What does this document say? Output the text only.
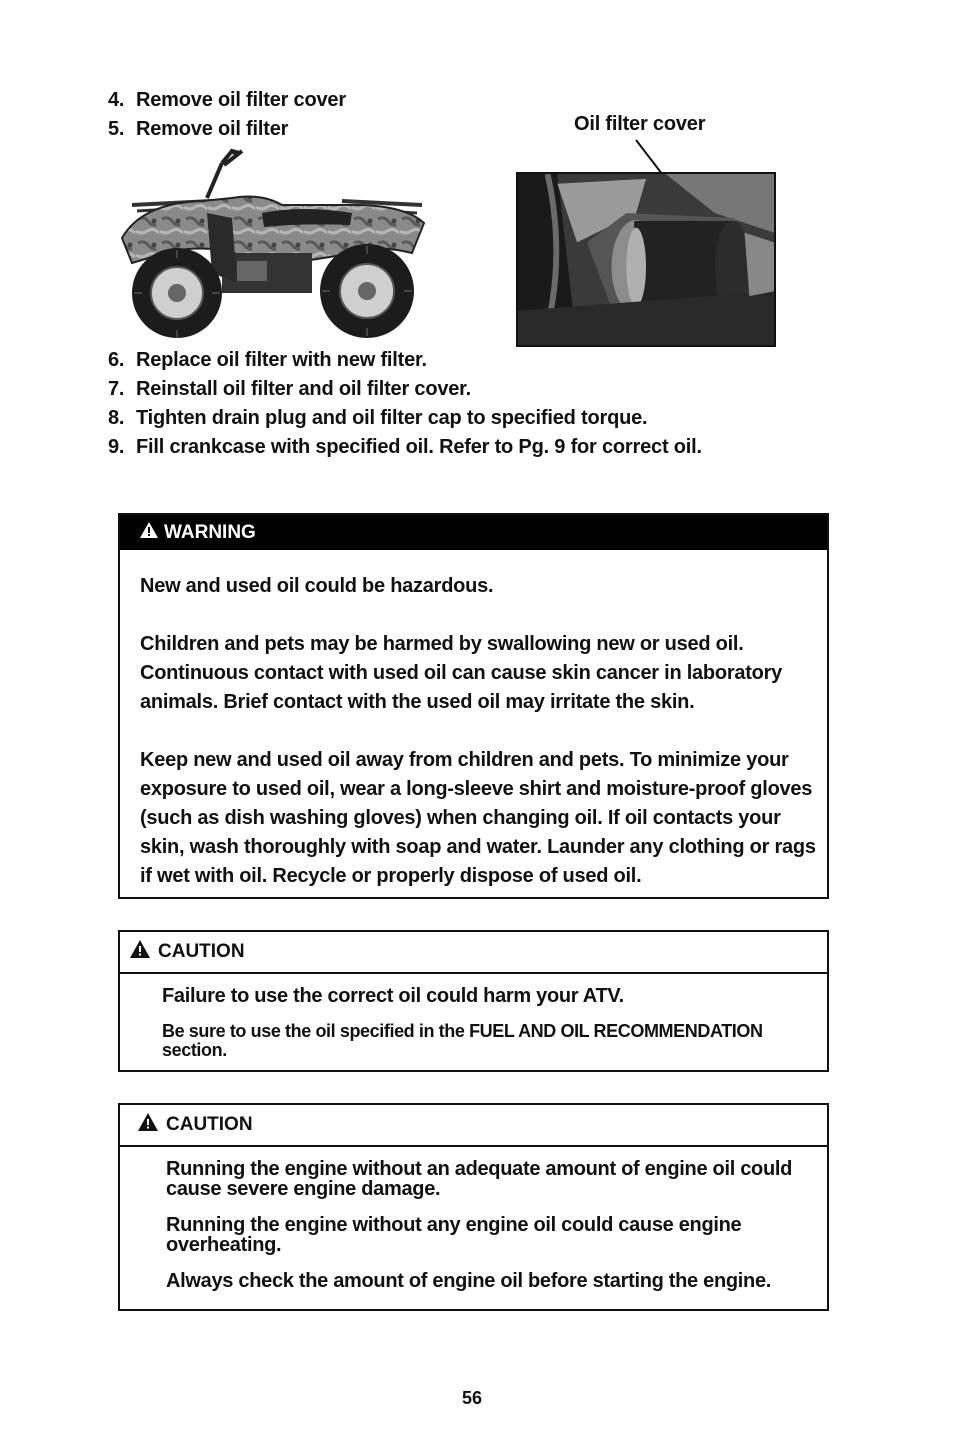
4. Remove oil filter cover
5. Remove oil filter	Oil filter cover
6. Replace oil filter with new filter.
7. Reinstall oil filter and oil filter cover.
8. Tighten drain plug and oil filter cap to specified torque.
9. Fill crankcase with specified oil. Refer to Pg. 9 for correct oil.
WARNING

New and used oil could be hazardous.

Children and pets may be harmed by swallowing new or used oil. Continuous contact with used oil can cause skin cancer in laboratory animals. Brief contact with the used oil may irritate the skin.

Keep new and used oil away from children and pets. To minimize your exposure to used oil, wear a long-sleeve shirt and moisture-proof gloves (such as dish washing gloves) when changing oil. If oil contacts your skin, wash thoroughly with soap and water. Launder any clothing or rags if wet with oil. Recycle or properly dispose of used oil.

CAUTION

Failure to use the correct oil could harm your ATV.

Be sure to use the oil specified in the FUEL AND OIL RECOMMENDATION section.

CAUTION

Running the engine without an adequate amount of engine oil could cause severe engine damage.

Running the engine without any engine oil could cause engine overheating.

Always check the amount of engine oil before starting the engine.

56
